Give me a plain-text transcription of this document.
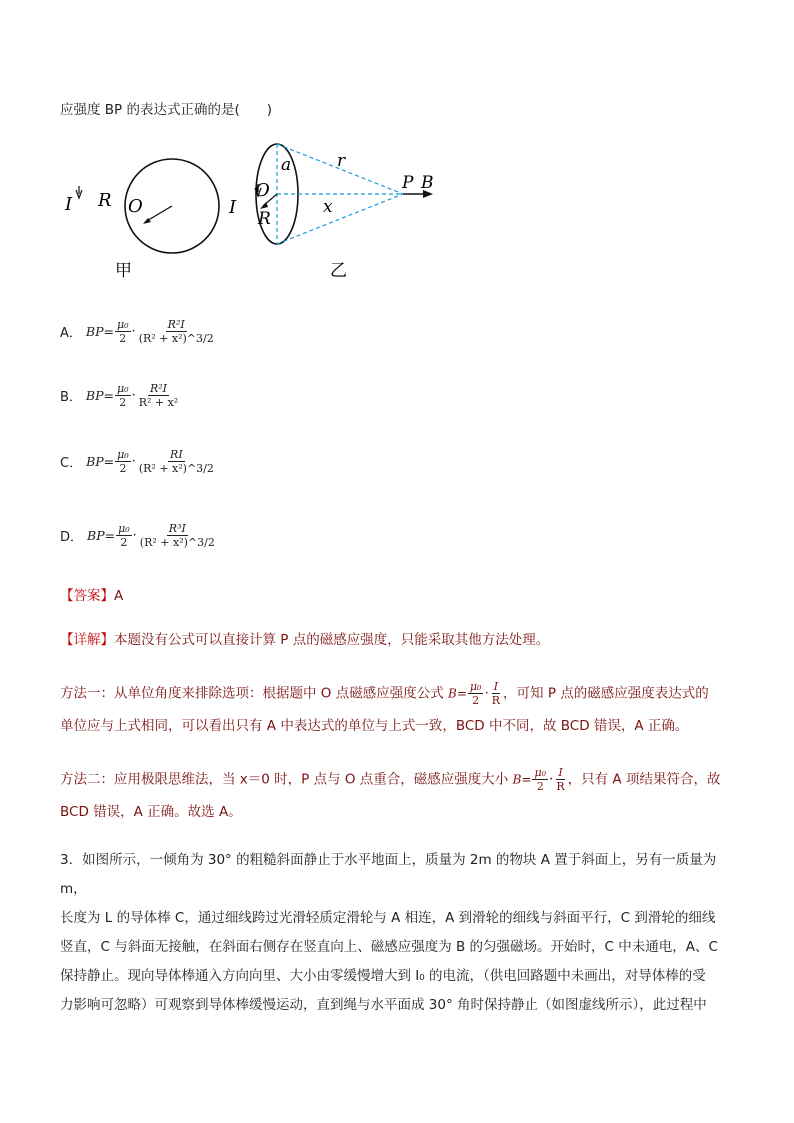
应强度 BP 的表达式正确的是(　　)
I R O
甲
a	r
P B
O
I
R
x
乙
A． $BP= \frac{\text{μ₀}}{2} \cdot \frac{\text{R²I}}{\text{(R² + x²)\textasciicircum{}3/2}}$
B． $BP= \frac{\text{μ₀}}{2} \cdot \frac{\text{R²I}}{\text{R² + x²}}$
C． $BP= \frac{\text{μ₀}}{2} \cdot \frac{RI}{\text{(R² + x²)\textasciicircum{}3/2}}$
D． $BP= \frac{\text{μ₀}}{2} \cdot \frac{\text{R³I}}{\text{(R² + x²)\textasciicircum{}3/2}}$
【答案】A
【详解】本题没有公式可以直接计算 P 点的磁感应强度，只能采取其他方法处理。
方法一：从单位角度来排除选项：根据题中 O 点磁感应强度公式 $B= \frac{\text{μ₀}}{2} \cdot \frac{I}{R}$ ，可知 P 点的磁感应强度表达式的
单位应与上式相同，可以看出只有 A 中表达式的单位与上式一致，BCD 中不同，故 BCD 错误，A 正确。
方法二：应用极限思维法，当 x＝0 时，P 点与 O 点重合，磁感应强度大小 $B= \frac{\text{μ₀}}{2} \cdot \frac{I}{R}$ ，只有 A 项结果符合，故
BCD 错误，A 正确。故选 A。
3．如图所示，一倾角为 30° 的粗糙斜面静止于水平地面上，质量为 2m 的物块 A 置于斜面上，另有一质量为 m，
长度为 L 的导体棒 C，通过细线跨过光滑轻质定滑轮与 A 相连，A 到滑轮的细线与斜面平行，C 到滑轮的细线
竖直，C 与斜面无接触，在斜面右侧存在竖直向上、磁感应强度为 B 的匀强磁场。开始时，C 中未通电，A、C
保持静止。现向导体棒通入方向向里、大小由零缓慢增大到 I₀ 的电流，（供电回路题中未画出，对导体棒的受
力影响可忽略）可观察到导体棒缓慢运动，直到绳与水平面成 30° 角时保持静止（如图虚线所示），此过程中
